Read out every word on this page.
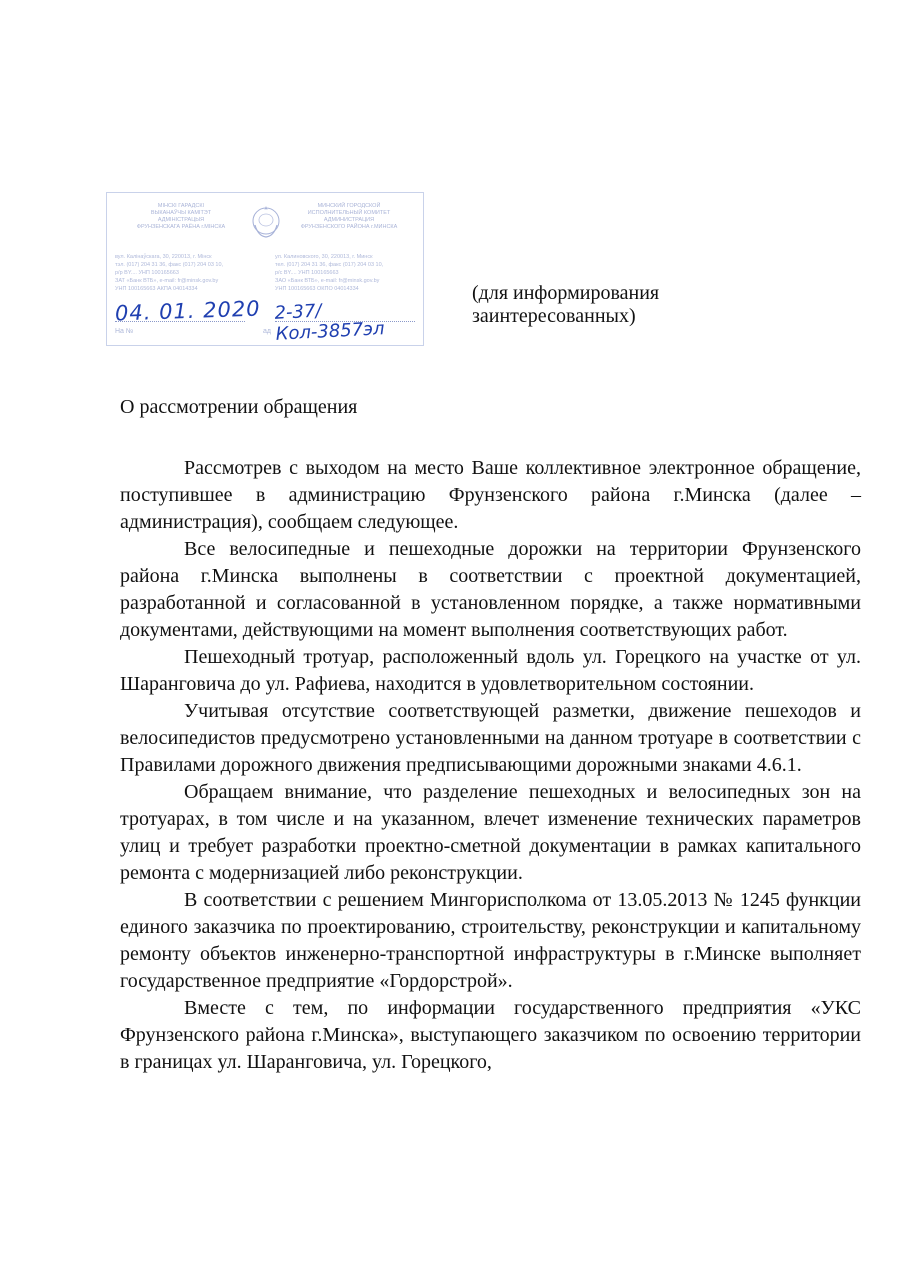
МІНСКІ ГАРАДСКІ
ВЫКАНАЎЧЫ КАМІТЭТ
АДМІНІСТРАЦЫЯ
ФРУНЗЕНСКАГА РАЁНА г.МІНСКА
МИНСКИЙ ГОРОДСКОЙ
ИСПОЛНИТЕЛЬНЫЙ КОМИТЕТ
АДМИНИСТРАЦИЯ
ФРУНЗЕНСКОГО РАЙОНА г.МИНСКА
вул. Калінаўскага, 30, 220013, г. Мінск
тэл. (017) 204 31 36, факс (017) 204 03 10,
р/р BY.... УНП 100165663
ЗАТ «Банк ВТБ», e-mail: fr@minsk.gov.by
УНП 100165663 АКПА 04014334
ул. Калиновского, 30, 220013, г. Минск
тел. (017) 204 31 36, факс (017) 204 03 10,
р/с BY.... УНП 100165663
ЗАО «Банк ВТБ», e-mail: fr@minsk.gov.by
УНП 100165663 ОКПО 04014334
04. 01. 2020 2-37/Кол-3857эл
На №	ад
(для информирования
заинтересованных)
О рассмотрении обращения

Рассмотрев с выходом на место Ваше коллективное электронное обращение, поступившее в администрацию Фрунзенского района г.Минска (далее – администрация), сообщаем следующее.

Все велосипедные и пешеходные дорожки на территории Фрунзенского района г.Минска выполнены в соответствии с проектной документацией, разработанной и согласованной в установленном порядке, а также нормативными документами, действующими на момент выполнения соответствующих работ.

Пешеходный тротуар, расположенный вдоль ул. Горецкого на участке от ул. Шаранговича до ул. Рафиева, находится в удовлетворительном состоянии.

Учитывая отсутствие соответствующей разметки, движение пешеходов и велосипедистов предусмотрено установленными на данном тротуаре в соответствии с Правилами дорожного движения предписывающими дорожными знаками 4.6.1.

Обращаем внимание, что разделение пешеходных и велосипедных зон на тротуарах, в том числе и на указанном, влечет изменение технических параметров улиц и требует разработки проектно-сметной документации в рамках капитального ремонта с модернизацией либо реконструкции.

В соответствии с решением Мингорисполкома от 13.05.2013 № 1245 функции единого заказчика по проектированию, строительству, реконструкции и капитальному ремонту объектов инженерно-транспортной инфраструктуры в г.Минске выполняет государственное предприятие «Гордорстрой».

Вместе с тем, по информации государственного предприятия «УКС Фрунзенского района г.Минска», выступающего заказчиком по освоению территории в границах ул. Шаранговича, ул. Горецкого,
